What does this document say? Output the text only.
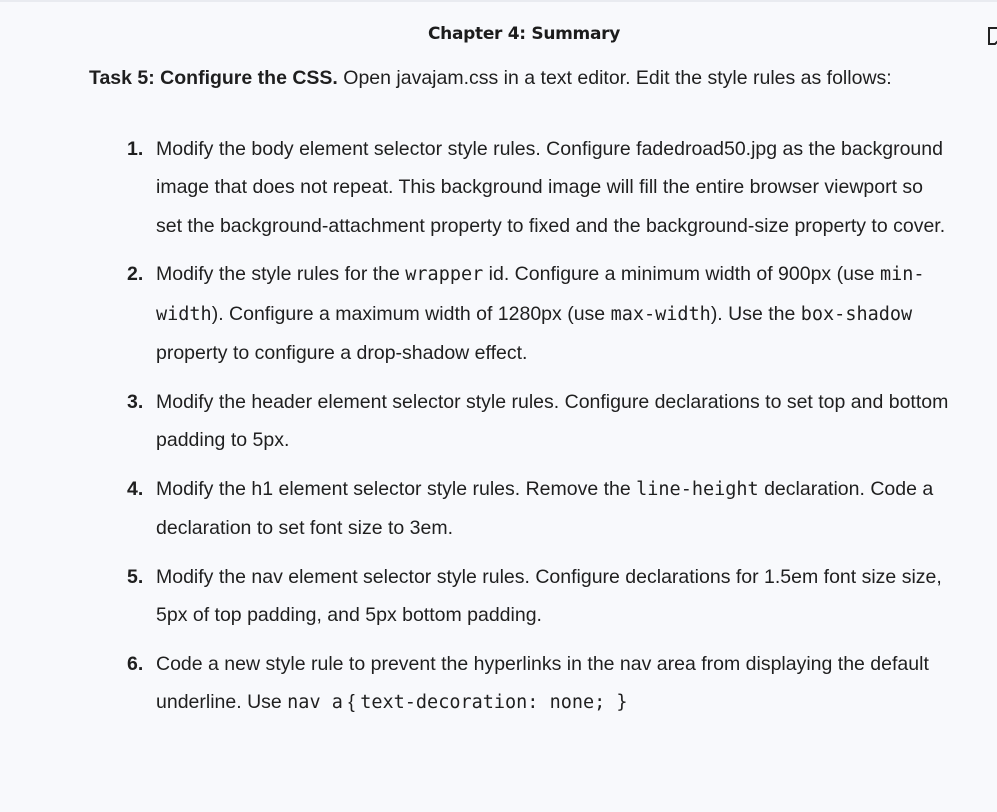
Chapter 4: Summary

Task 5: Configure the CSS. Open javajam.css in a text editor. Edit the style rules as follows:

1. Modify the body element selector style rules. Configure fadedroad50.jpg as the background image that does not repeat. This background image will fill the entire browser viewport so set the background-attachment property to fixed and the background-size property to cover.
2. Modify the style rules for the wrapper id. Configure a minimum width of 900px (use min-width). Configure a maximum width of 1280px (use max-width). Use the box-shadow property to configure a drop-shadow effect.
3. Modify the header element selector style rules. Configure declarations to set top and bottom padding to 5px.
4. Modify the h1 element selector style rules. Remove the line-height declaration. Code a declaration to set font size to 3em.
5. Modify the nav element selector style rules. Configure declarations for 1.5em font size size, 5px of top padding, and 5px bottom padding.
6. Code a new style rule to prevent the hyperlinks in the nav area from displaying the default underline. Use nav a { text-decoration: none; }
